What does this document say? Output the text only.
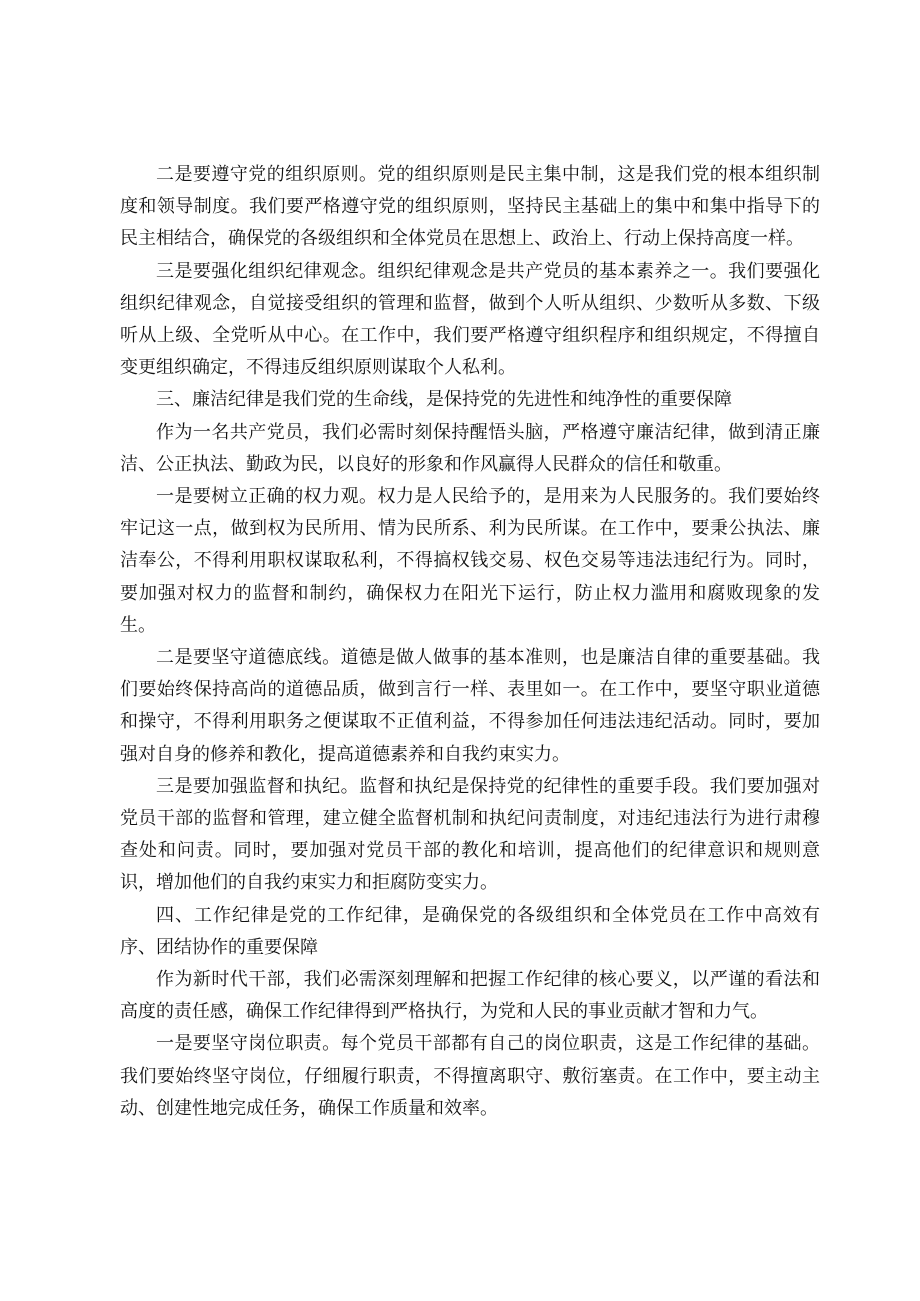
二是要遵守党的组织原则。党的组织原则是民主集中制，这是我们党的根本组织制度和领导制度。我们要严格遵守党的组织原则，坚持民主基础上的集中和集中指导下的民主相结合，确保党的各级组织和全体党员在思想上、政治上、行动上保持高度一样。

三是要强化组织纪律观念。组织纪律观念是共产党员的基本素养之一。我们要强化组织纪律观念，自觉接受组织的管理和监督，做到个人听从组织、少数听从多数、下级听从上级、全党听从中心。在工作中，我们要严格遵守组织程序和组织规定，不得擅自变更组织确定，不得违反组织原则谋取个人私利。

三、廉洁纪律是我们党的生命线，是保持党的先进性和纯净性的重要保障

作为一名共产党员，我们必需时刻保持醒悟头脑，严格遵守廉洁纪律，做到清正廉洁、公正执法、勤政为民，以良好的形象和作风赢得人民群众的信任和敬重。

一是要树立正确的权力观。权力是人民给予的，是用来为人民服务的。我们要始终牢记这一点，做到权为民所用、情为民所系、利为民所谋。在工作中，要秉公执法、廉洁奉公，不得利用职权谋取私利，不得搞权钱交易、权色交易等违法违纪行为。同时，要加强对权力的监督和制约，确保权力在阳光下运行，防止权力滥用和腐败现象的发生。

二是要坚守道德底线。道德是做人做事的基本准则，也是廉洁自律的重要基础。我们要始终保持高尚的道德品质，做到言行一样、表里如一。在工作中，要坚守职业道德和操守，不得利用职务之便谋取不正值利益，不得参加任何违法违纪活动。同时，要加强对自身的修养和教化，提高道德素养和自我约束实力。

三是要加强监督和执纪。监督和执纪是保持党的纪律性的重要手段。我们要加强对党员干部的监督和管理，建立健全监督机制和执纪问责制度，对违纪违法行为进行肃穆查处和问责。同时，要加强对党员干部的教化和培训，提高他们的纪律意识和规则意识，增加他们的自我约束实力和拒腐防变实力。

四、工作纪律是党的工作纪律，是确保党的各级组织和全体党员在工作中高效有序、团结协作的重要保障

作为新时代干部，我们必需深刻理解和把握工作纪律的核心要义，以严谨的看法和高度的责任感，确保工作纪律得到严格执行，为党和人民的事业贡献才智和力气。

一是要坚守岗位职责。每个党员干部都有自己的岗位职责，这是工作纪律的基础。我们要始终坚守岗位，仔细履行职责，不得擅离职守、敷衍塞责。在工作中，要主动主动、创建性地完成任务，确保工作质量和效率。
